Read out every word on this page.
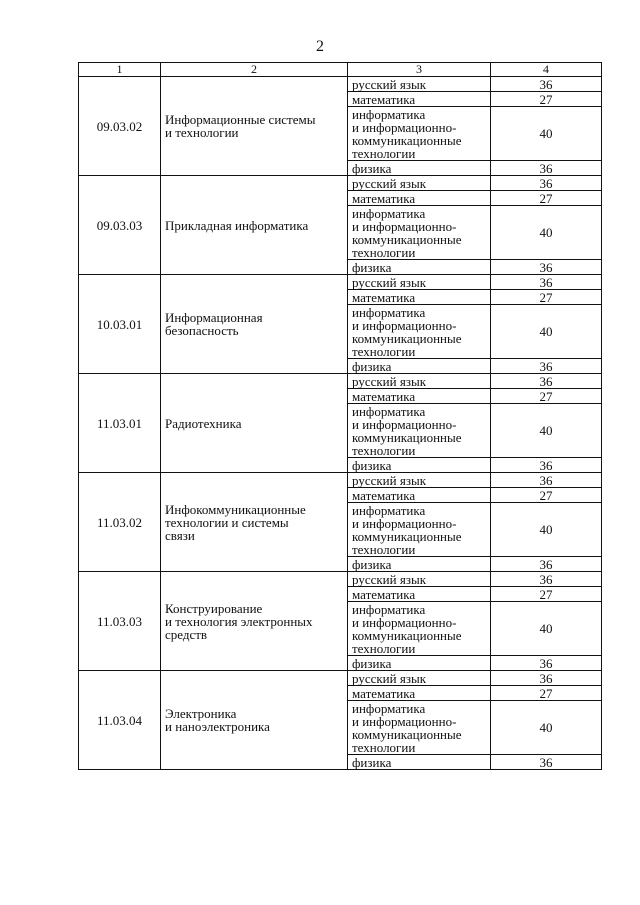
2
1	2	3	4
09.03.02	Информационные системы
и технологии	русский язык	36

		математика	27

		информатика
и информационно-
коммуникационные
технологии	40

		физика	36
09.03.03	Прикладная информатика	русский язык	36

		математика	27

		информатика
и информационно-
коммуникационные
технологии	40

		физика	36
10.03.01	Информационная
безопасность	русский язык	36

		математика	27

		информатика
и информационно-
коммуникационные
технологии	40

		физика	36
11.03.01	Радиотехника	русский язык	36

		математика	27

		информатика
и информационно-
коммуникационные
технологии	40

		физика	36
11.03.02	Инфокоммуникационные
технологии и системы
связи	русский язык	36

		математика	27

		информатика
и информационно-
коммуникационные
технологии	40

		физика	36
11.03.03	Конструирование
и технология электронных
средств	русский язык	36

		математика	27

		информатика
и информационно-
коммуникационные
технологии	40

		физика	36
11.03.04	Электроника
и наноэлектроника	русский язык	36

		математика	27

		информатика
и информационно-
коммуникационные
технологии	40

		физика	36
